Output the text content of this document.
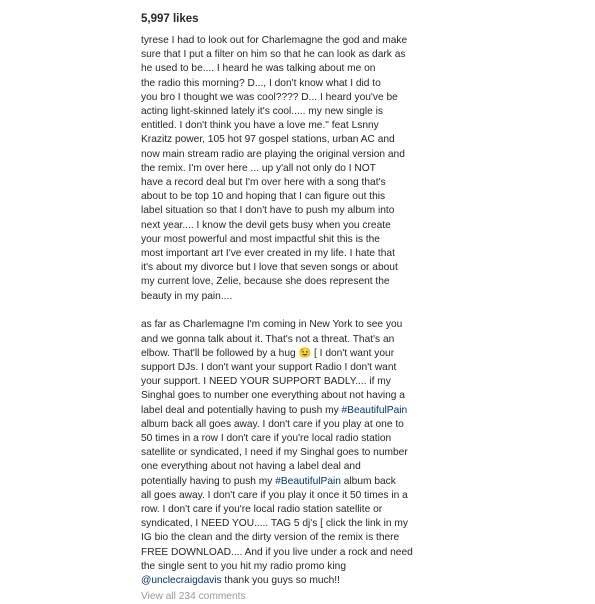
5,997 likes

tyrese I had to look out for Charlemagne the god and make
sure that I put a filter on him so that he can look as dark as
he used to be.... I heard he was talking about me on
the radio this morning? D..., I don't know what I did to
you bro I thought we was cool???? D... I heard you've be
acting light-skinned lately it's cool..... my new single is
entitled. I don't think you have a love me." feat Lsnny
Krazitz power, 105 hot 97 gospel stations, urban AC and
now main stream radio are playing the original version and
the remix. I'm over here ... up y'all not only do I NOT
have a record deal but I'm over here with a song that's
about to be top 10 and hoping that I can figure out this
label situation so that I don't have to push my album into
next year.... I know the devil gets busy when you create
your most powerful and most impactful shit this is the
most important art I've ever created in my life. I hate that
it's about my divorce but I love that seven songs or about
my current love, Zelie, because she does represent the
beauty in my pain....

as far as Charlemagne I'm coming in New York to see you
and we gonna talk about it. That's not a threat. That's an
elbow. That'll be followed by a hug 😉 [ I don't want your
support DJs. I don't want your support Radio I don't want
your support. I NEED YOUR SUPPORT BADLY.... if my
Singhal goes to number one everything about not having a
label deal and potentially having to push my #BeautifulPain
album back all goes away. I don't care if you play at one to
50 times in a row I don't care if you're local radio station
satellite or syndicated, I need if my Singhal goes to number
one everything about not having a label deal and
potentially having to push my #BeautifulPain album back
all goes away. I don't care if you play it once it 50 times in a
row. I don't care if you're local radio station satellite or
syndicated, I NEED YOU..... TAG 5 dj's [ click the link in my
IG bio the clean and the dirty version of the remix is there
FREE DOWNLOAD.... And if you live under a rock and need
the single sent to you hit my radio promo king
@unclecraigdavis thank you guys so much!!

View all 234 comments
